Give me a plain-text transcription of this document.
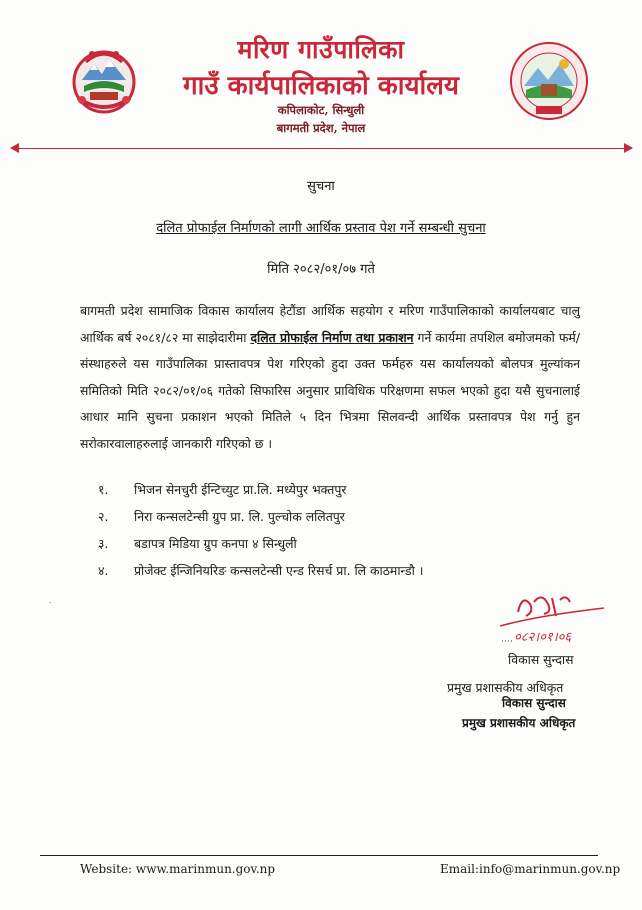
मरिण गाउँपालिका
गाउँ कार्यपालिकाको कार्यालय
कपिलाकोट, सिन्धुली
बागमती प्रदेश, नेपाल
सुचना
दलित प्रोफाईल निर्माणको लागी आर्थिक प्रस्ताव पेश गर्ने सम्बन्धी सुचना
मिति २०८२/०१/०७ गते
बागमती प्रदेश सामाजिक विकास कार्यालय हेटौंडा आर्थिक सहयोग र मरिण गाउँपालिकाको कार्यालयबाट चालु आर्थिक बर्ष २०८१/८२ मा साझेदारीमा दलित प्रोफाईल निर्माण तथा प्रकाशन गर्ने कार्यमा तपशिल बमोजमको फर्म/संस्थाहरुले यस गाउँपालिका प्रास्तावपत्र पेश गरिएको हुदा उक्त फर्महरु यस कार्यालयको बोलपत्र मुल्यांकन समितिको मिति २०८२/०१/०६ गतेको सिफारिस अनुसार प्राविधिक परिक्षणमा सफल भएको हुदा यसै सुचनालाई आधार मानि सुचना प्रकाशन भएको मितिले ५ दिन भित्रमा सिलवन्दी आर्थिक प्रस्तावपत्र पेश गर्नु हुन सरोकारवालाहरुलाई जानकारी गरिएको छ ।
१.	भिजन सेनचुरी ईन्टिच्युट प्रा.लि. मध्येपुर भक्तपुर
२.	निरा कन्सलटेन्सी ग्रुप प्रा. लि. पुल्चोक ललितपुर
३.	बडापत्र मिडिया ग्रुप कनपा ४ सिन्धुली
४.	प्रोजेक्ट ईन्जिनियरिङ कन्सलटेन्सी एन्ड रिसर्च प्रा. लि काठमान्डौ ।
˙
०८२।०१।०६
विकास सुन्दास
प्रमुख प्रशासकीय अधिकृत
विकास सुन्दास
प्रमुख प्रशासकीय अधिकृत
Website: www.marinmun.gov.np	Email:info@marinmun.gov.np
